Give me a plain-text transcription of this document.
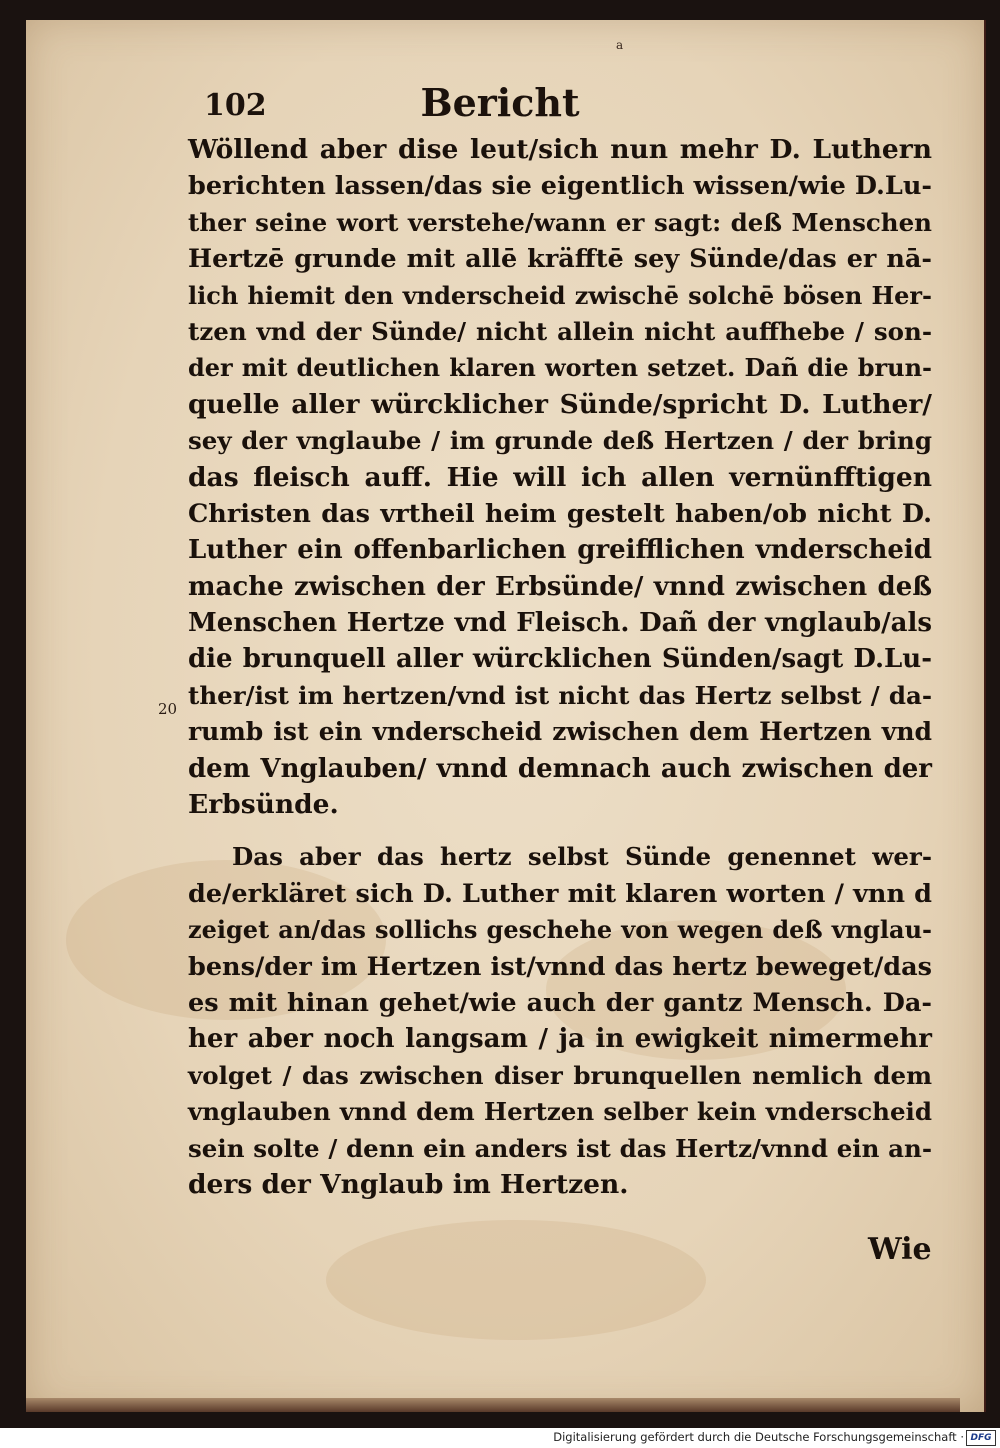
a
102	Bericht
20
Wöllend aber dise leut/sich nun mehr D. Luthern
berichten lassen/das sie eigentlich wissen/wie D.Lu-
ther seine wort verstehe/wann er sagt: deß Menschen
Hertzē grunde mit allē kräfftē sey Sünde/das er nā-
lich hiemit den vnderscheid zwischē solchē bösen Her-
tzen vnd der Sünde/ nicht allein nicht auffhebe / son-
der mit deutlichen klaren worten setzet. Dañ die brun-
quelle aller würcklicher Sünde/spricht D. Luther/
sey der vnglaube / im grunde deß Hertzen / der bring
das fleisch auff. Hie will ich allen vernünfftigen
Christen das vrtheil heim gestelt haben/ob nicht D.
Luther ein offenbarlichen greifflichen vnderscheid
mache zwischen der Erbsünde/ vnnd zwischen deß
Menschen Hertze vnd Fleisch. Dañ der vnglaub/als
die brunquell aller würcklichen Sünden/sagt D.Lu-
ther/ist im hertzen/vnd ist nicht das Hertz selbst / da-
rumb ist ein vnderscheid zwischen dem Hertzen vnd
dem Vnglauben/ vnnd demnach auch zwischen der
Erbsünde.
Das aber das hertz selbst Sünde genennet wer-
de/erkläret sich D. Luther mit klaren worten / vnn d
zeiget an/das sollichs geschehe von wegen deß vnglau-
bens/der im Hertzen ist/vnnd das hertz beweget/das
es mit hinan gehet/wie auch der gantz Mensch. Da-
her aber noch langsam / ja in ewigkeit nimermehr
volget / das zwischen diser brunquellen nemlich dem
vnglauben vnnd dem Hertzen selber kein vnderscheid
sein solte / denn ein anders ist das Hertz/vnnd ein an-
ders der Vnglaub im Hertzen.
Wie
Digitalisierung gefördert durch die Deutsche Forschungsgemeinschaft · DFG
